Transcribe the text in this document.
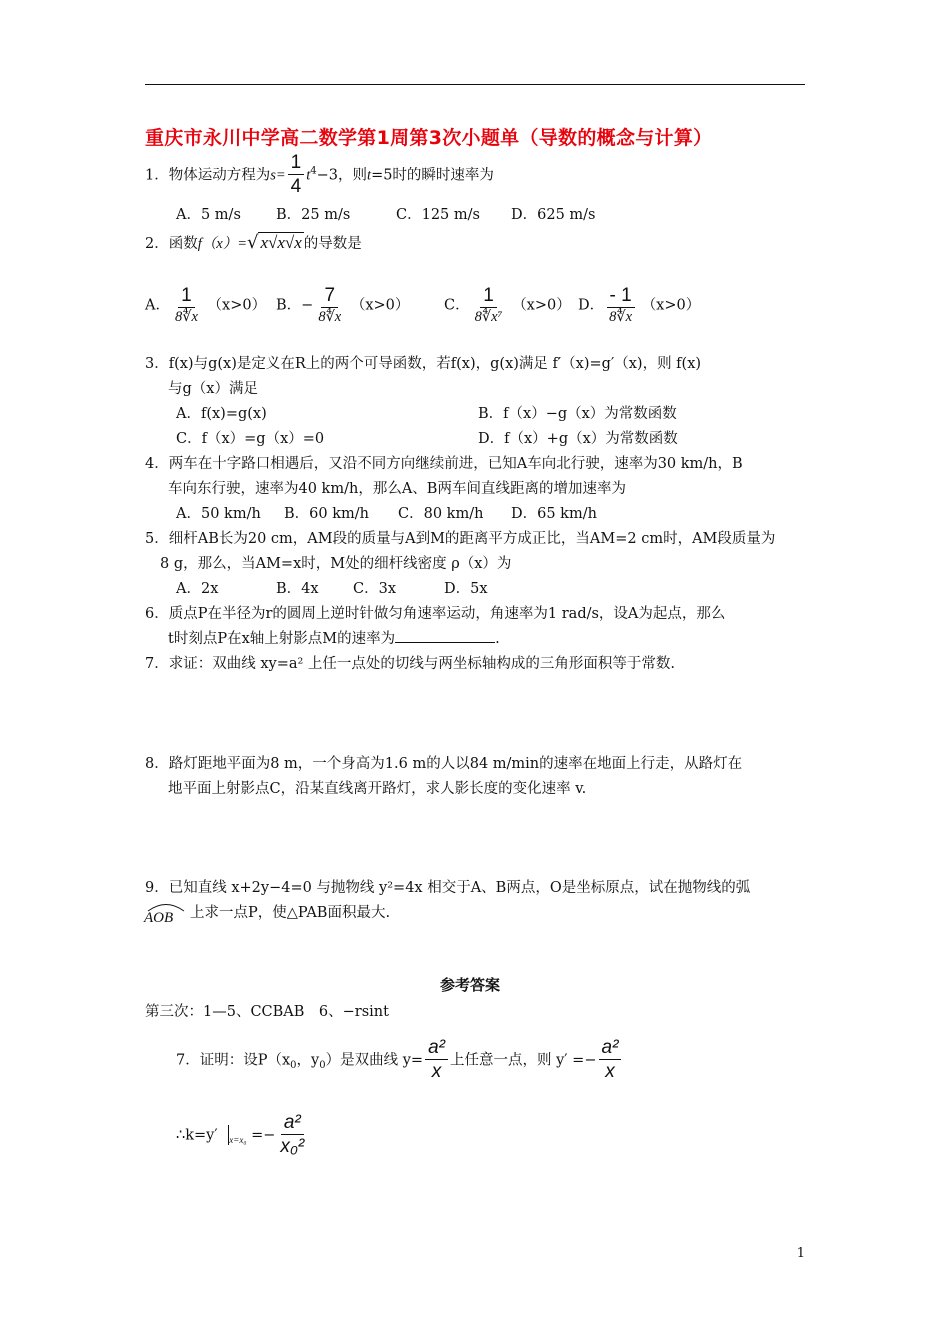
重庆市永川中学高二数学第1周第3次小题单（导数的概念与计算）
1．物体运动方程为$s= \frac{1}{4} t^4-3$，则t=5时的瞬时速率为
A．5 m/s B．25 m/s	C．125 m/s D．625 m/s
2．函数f（x）=√ x√x√x 的导数是
A． $\frac{1}{8∜x} (x>0)$ B．− $\frac{7}{8∜x} (x>0)$ C． $\frac{1}{\text{8∜x⁷}} (x>0)$ D． $\frac{- 1}{8∜x} (x>0)$
3．f(x)与g(x)是定义在R上的两个可导函数，若f(x)，g(x)满足 f′（x)=g′（x)，则 f(x)
与g（x）满足
A．f(x)=g(x)	B．f（x）−g（x）为常数函数
C．f（x）=g（x）=0	D．f（x）+g（x）为常数函数
4．两车在十字路口相遇后，又沿不同方向继续前进，已知A车向北行驶，速率为30 km/h，B
车向东行驶，速率为40 km/h，那么A、B两车间直线距离的增加速率为
A．50 km/h B．60 km/h C．80 km/h D．65 km/h
5．细杆AB长为20 cm，AM段的质量与A到M的距离平方成正比，当AM=2 cm时，AM段质量为
8 g，那么，当AM=x时，M处的细杆线密度 ρ（x）为
A．2x	B．4x C．3x	D．5x
6．质点P在半径为r的圆周上逆时针做匀角速率运动，角速率为1 rad/s，设A为起点，那么
t时刻点P在x轴上射影点M的速率为	.
7．求证：双曲线 xy=a² 上任一点处的切线与两坐标轴构成的三角形面积等于常数.
8．路灯距地平面为8 m，一个身高为1.6 m的人以84 m/min的速率在地面上行走，从路灯在
地平面上射影点C，沿某直线离开路灯，求人影长度的变化速率 v.
9．已知直线 x+2y−4=0 与抛物线 y²=4x 相交于A、B两点，O是坐标原点，试在抛物线的弧
AOB 上求一点P，使△PAB面积最大.
参考答案
第三次：1—5、CCBAB　6、−rsint
7．证明：设$P(x_0$，$y_0$）是双曲线 $y= \frac{\text{a²}}{x}$ 上任意一点，则 $y' =- \frac{\text{a²}}{x}$
∴k=y′ $_{x=x_0} =- \frac{\text{a²}}{\text{x₀²}}$
1
